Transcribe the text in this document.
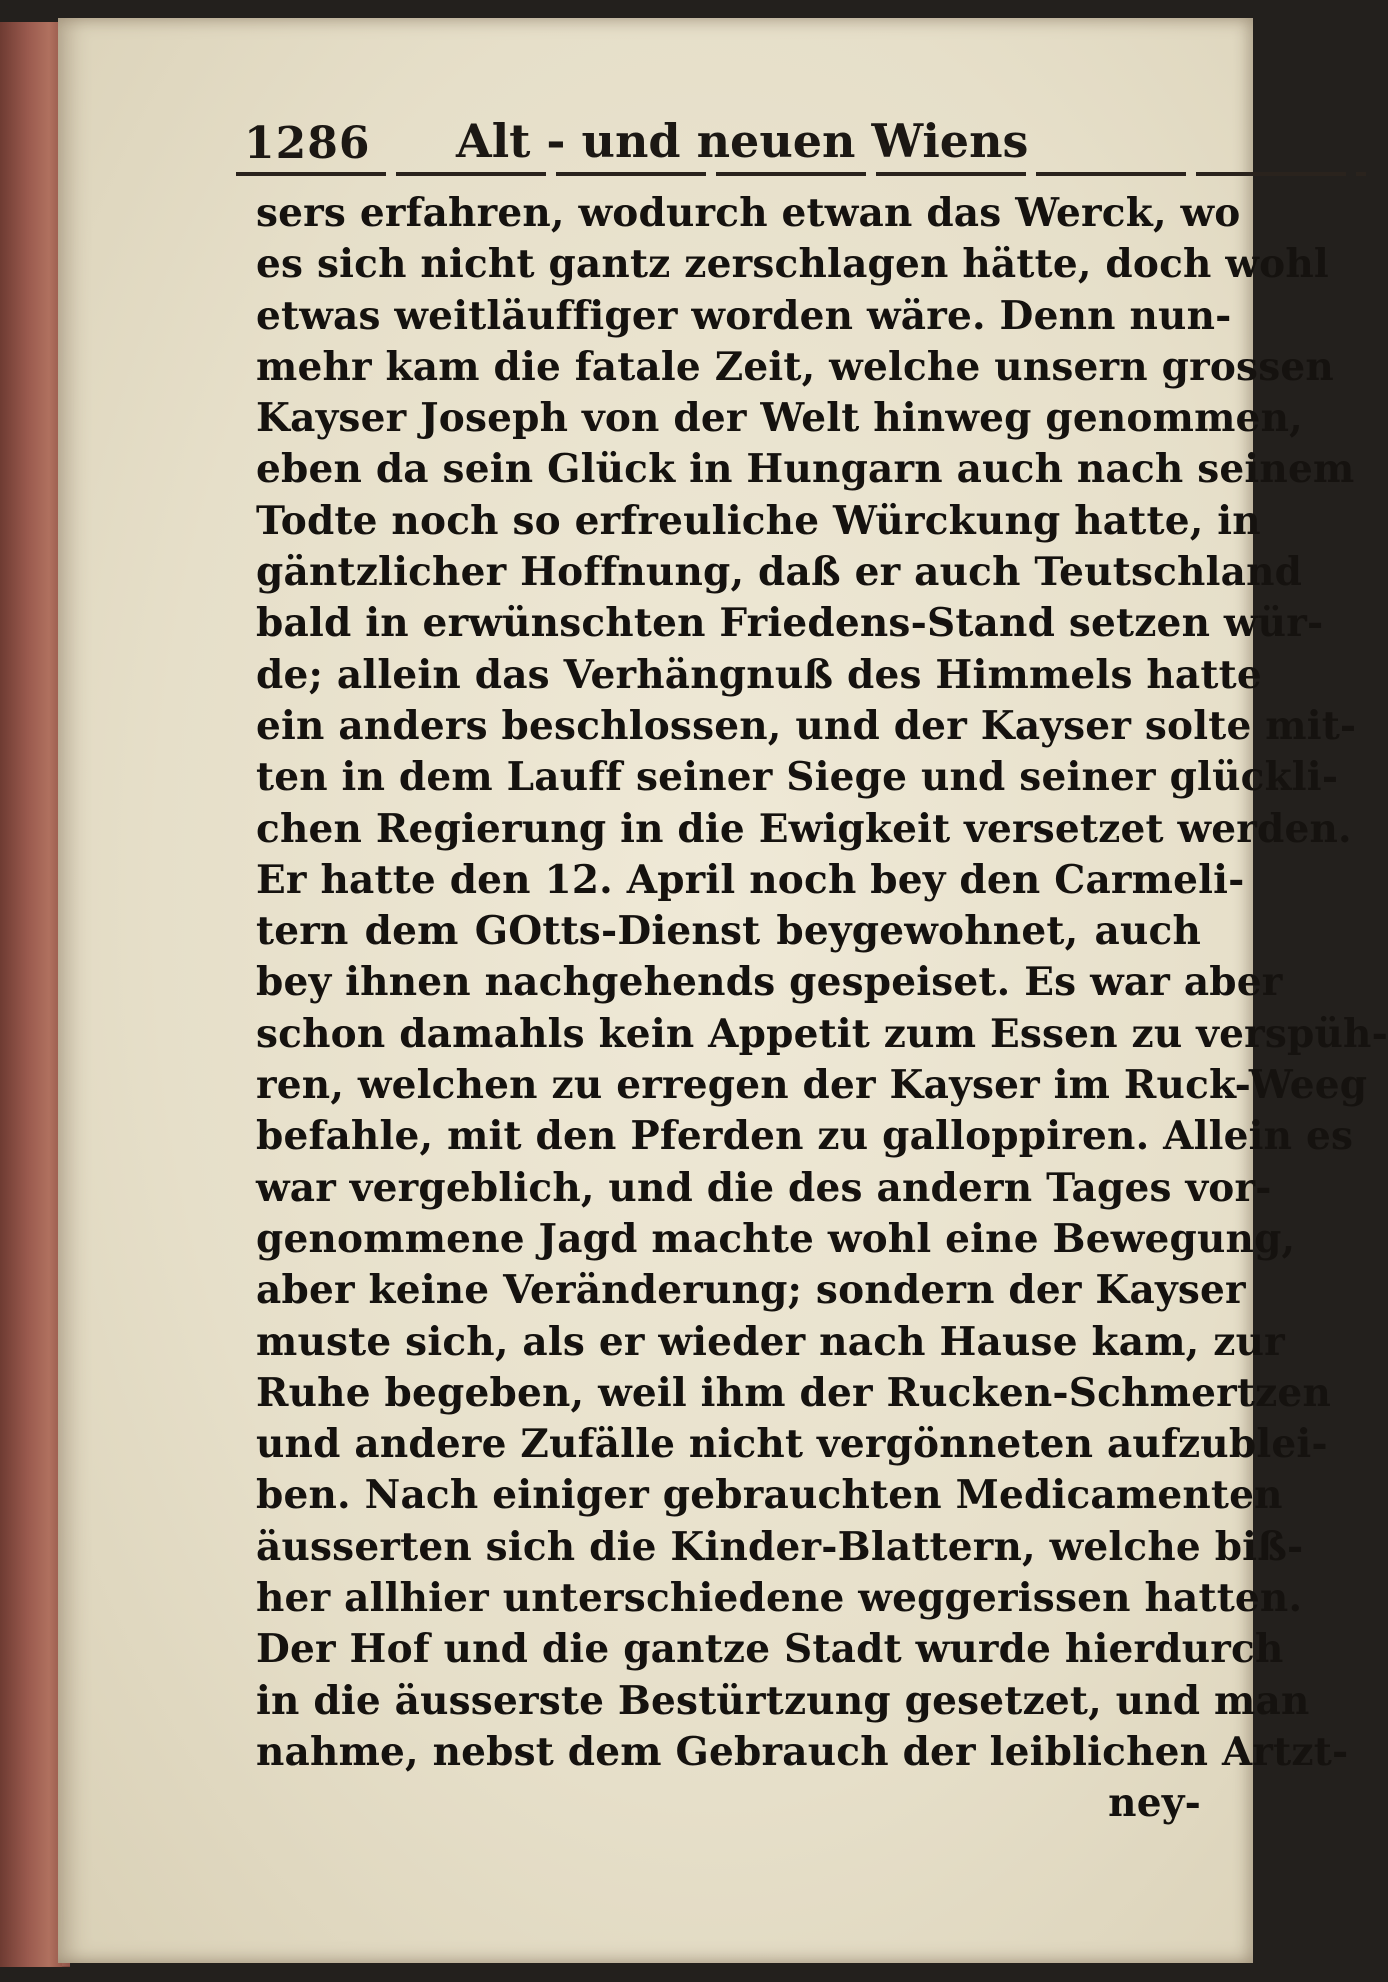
1286 Alt - und neuen Wiens
sers erfahren, wodurch etwan das Werck, wo
es sich nicht gantz zerschlagen hätte, doch wohl
etwas weitläuffiger worden wäre. Denn nun-
mehr kam die fatale Zeit, welche unsern grossen
Kayser Joseph von der Welt hinweg genommen,
eben da sein Glück in Hungarn auch nach seinem
Todte noch so erfreuliche Würckung hatte, in
gäntzlicher Hoffnung, daß er auch Teutschland
bald in erwünschten Friedens-Stand setzen wür-
de; allein das Verhängnuß des Himmels hatte
ein anders beschlossen, und der Kayser solte mit-
ten in dem Lauff seiner Siege und seiner glückli-
chen Regierung in die Ewigkeit versetzet werden.
Er hatte den 12. April noch bey den Carmeli-
tern dem GOtts-Dienst beygewohnet, auch
bey ihnen nachgehends gespeiset. Es war aber
schon damahls kein Appetit zum Essen zu verspüh-
ren, welchen zu erregen der Kayser im Ruck-Weeg
befahle, mit den Pferden zu galloppiren. Allein es
war vergeblich, und die des andern Tages vor-
genommene Jagd machte wohl eine Bewegung,
aber keine Veränderung; sondern der Kayser
muste sich, als er wieder nach Hause kam, zur
Ruhe begeben, weil ihm der Rucken-Schmertzen
und andere Zufälle nicht vergönneten aufzublei-
ben. Nach einiger gebrauchten Medicamenten
äusserten sich die Kinder-Blattern, welche biß-
her allhier unterschiedene weggerissen hatten.
Der Hof und die gantze Stadt wurde hierdurch
in die äusserste Bestürtzung gesetzet, und man
nahme, nebst dem Gebrauch der leiblichen Artzt-
ney-
